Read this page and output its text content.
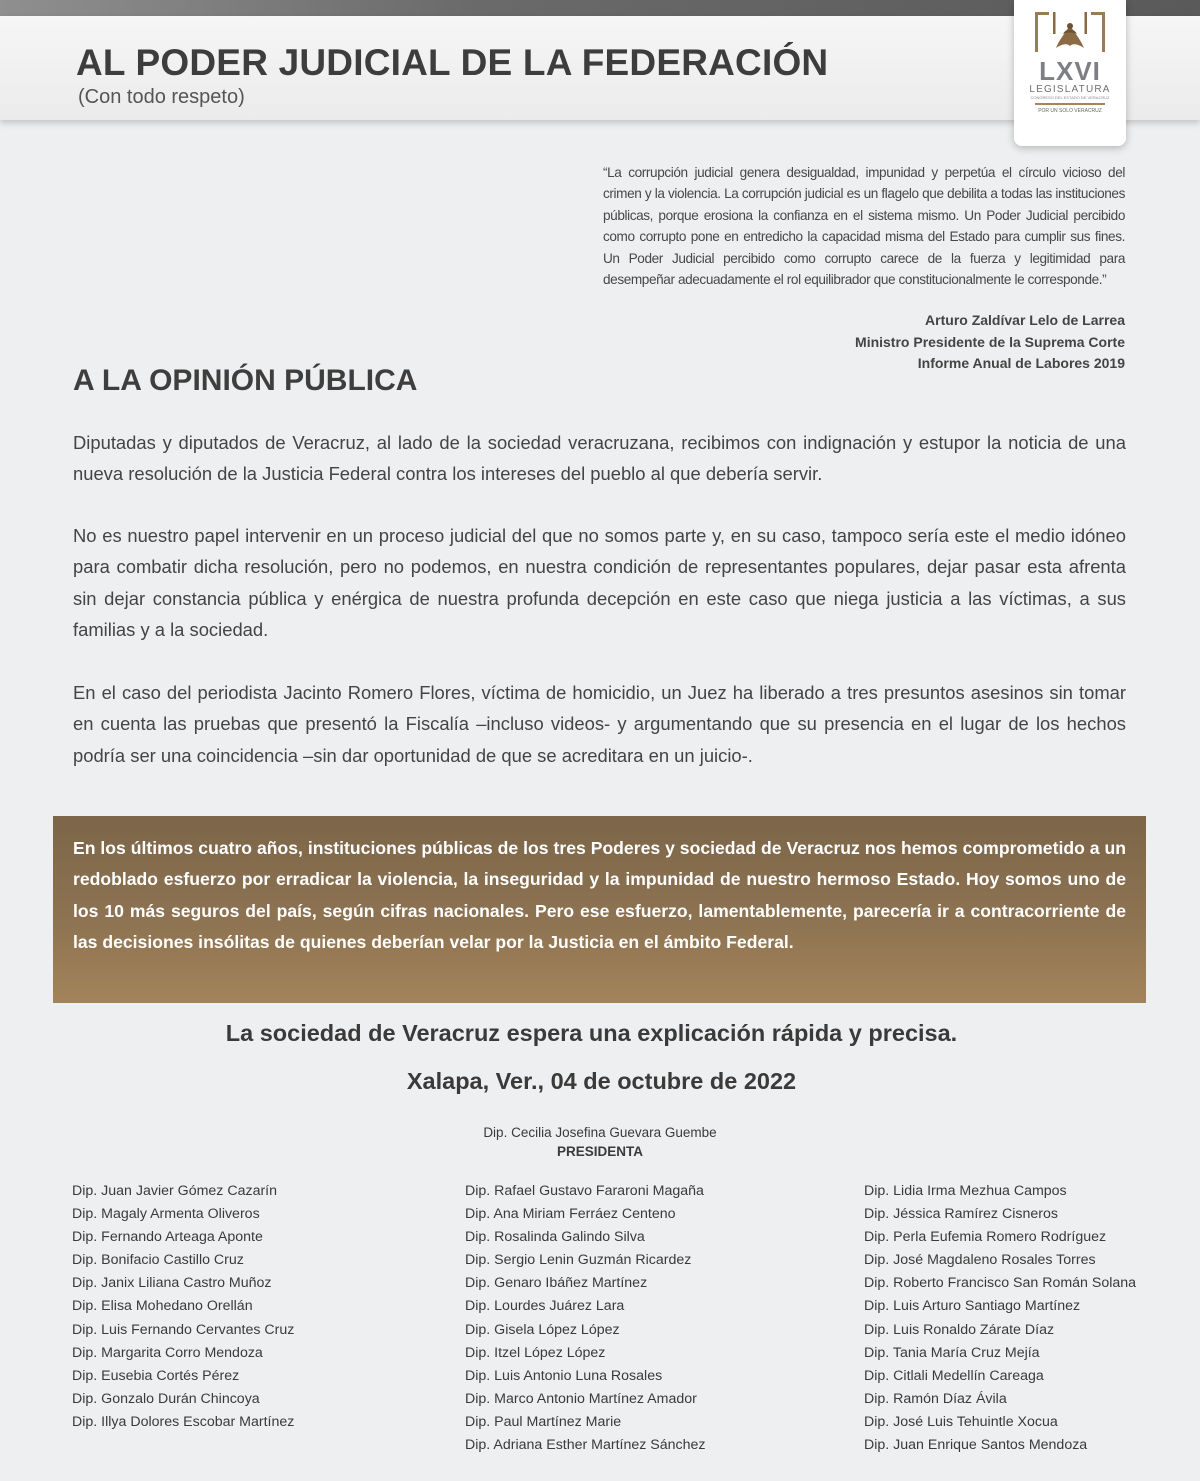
AL PODER JUDICIAL DE LA FEDERACIÓN

(Con todo respeto)

LXVI
LEGISLATURA
CONGRESO DEL ESTADO DE VERACRUZ
POR UN SOLO VERACRUZ

“La corrupción judicial genera desigualdad, impunidad y perpetúa el círculo vicioso del crimen y la violencia. La corrupción judicial es un flagelo que debilita a todas las instituciones públicas, porque erosiona la confianza en el sistema mismo. Un Poder Judicial percibido como corrupto pone en entredicho la capacidad misma del Estado para cumplir sus fines. Un Poder Judicial percibido como corrupto carece de la fuerza y legitimidad para desempeñar adecuadamente el rol equilibrador que constitucionalmente le corresponde.”

Arturo Zaldívar Lelo de Larrea
Ministro Presidente de la Suprema Corte
Informe Anual de Labores 2019
A LA OPINIÓN PÚBLICA

Diputadas y diputados de Veracruz, al lado de la sociedad veracruzana, recibimos con indignación y estupor la noticia de una nueva resolución de la Justicia Federal contra los intereses del pueblo al que debería servir.

No es nuestro papel intervenir en un proceso judicial del que no somos parte y, en su caso, tampoco sería este el medio idóneo para combatir dicha resolución, pero no podemos, en nuestra condición de representantes populares, dejar pasar esta afrenta sin dejar constancia pública y enérgica de nuestra profunda decepción en este caso que niega justicia a las víctimas, a sus familias y a la sociedad.

En el caso del periodista Jacinto Romero Flores, víctima de homicidio, un Juez ha liberado a tres presuntos asesinos sin tomar en cuenta las pruebas que presentó la Fiscalía –incluso videos- y argumentando que su presencia en el lugar de los hechos podría ser una coincidencia –sin dar oportunidad de que se acreditara en un juicio-.

En los últimos cuatro años, instituciones públicas de los tres Poderes y sociedad de Veracruz nos hemos comprometido a un redoblado esfuerzo por erradicar la violencia, la inseguridad y la impunidad de nuestro hermoso Estado. Hoy somos uno de los 10 más seguros del país, según cifras nacionales. Pero ese esfuerzo, lamentablemente, parecería ir a contracorriente de las decisiones insólitas de quienes deberían velar por la Justicia en el ámbito Federal.

La sociedad de Veracruz espera una explicación rápida y precisa.

Xalapa, Ver., 04 de octubre de 2022

Dip. Cecilia Josefina Guevara Guembe
PRESIDENTA
Dip. Juan Javier Gómez Cazarín
Dip. Magaly Armenta Oliveros
Dip. Fernando Arteaga Aponte
Dip. Bonifacio Castillo Cruz
Dip. Janix Liliana Castro Muñoz
Dip. Elisa Mohedano Orellán
Dip. Luis Fernando Cervantes Cruz
Dip. Margarita Corro Mendoza
Dip. Eusebia Cortés Pérez
Dip. Gonzalo Durán Chincoya
Dip. Illya Dolores Escobar Martínez
Dip. Rafael Gustavo Fararoni Magaña
Dip. Ana Miriam Ferráez Centeno
Dip. Rosalinda Galindo Silva
Dip. Sergio Lenin Guzmán Ricardez
Dip. Genaro Ibáñez Martínez
Dip. Lourdes Juárez Lara
Dip. Gisela López López
Dip. Itzel López López
Dip. Luis Antonio Luna Rosales
Dip. Marco Antonio Martínez Amador
Dip. Paul Martínez Marie
Dip. Adriana Esther Martínez Sánchez
Dip. Lidia Irma Mezhua Campos
Dip. Jéssica Ramírez Cisneros
Dip. Perla Eufemia Romero Rodríguez
Dip. José Magdaleno Rosales Torres
Dip. Roberto Francisco San Román Solana
Dip. Luis Arturo Santiago Martínez
Dip. Luis Ronaldo Zárate Díaz
Dip. Tania María Cruz Mejía
Dip. Citlali Medellín Careaga
Dip. Ramón Díaz Ávila
Dip. José Luis Tehuintle Xocua
Dip. Juan Enrique Santos Mendoza
